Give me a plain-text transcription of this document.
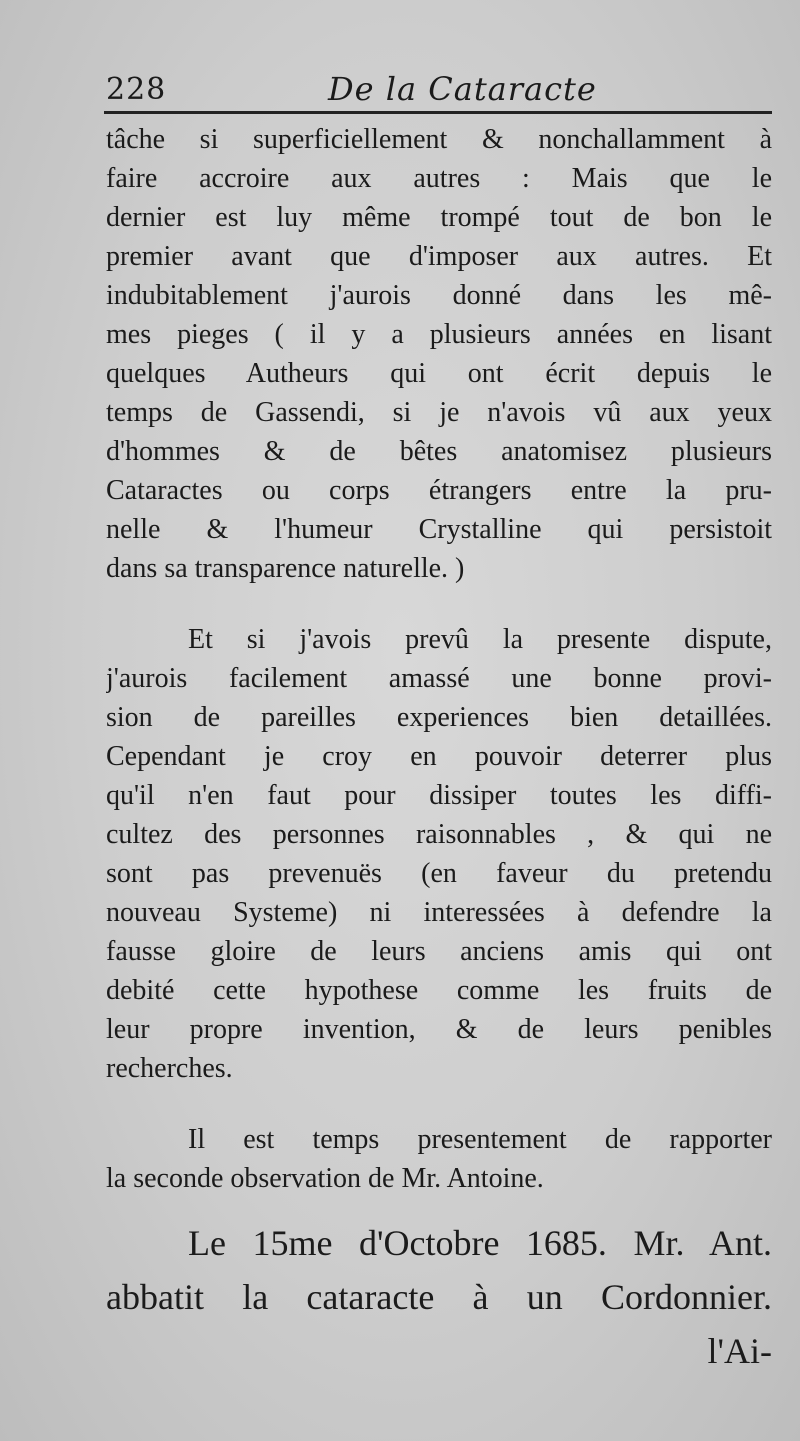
228	De la Cataracte
tâche si superficiellement & nonchallamment à
faire accroire aux autres : Mais que le
dernier est luy même trompé tout de bon le
premier avant que d'imposer aux autres. Et
indubitablement j'aurois donné dans les mê-
mes pieges ( il y a plusieurs années en lisant
quelques Autheurs qui ont écrit depuis le
temps de Gassendi, si je n'avois vû aux yeux
d'hommes & de bêtes anatomisez plusieurs
Cataractes ou corps étrangers entre la pru-
nelle & l'humeur Crystalline qui persistoit
dans sa transparence naturelle. )
Et si j'avois prevû la presente dispute,
j'aurois facilement amassé une bonne provi-
sion de pareilles experiences bien detaillées.
Cependant je croy en pouvoir deterrer plus
qu'il n'en faut pour dissiper toutes les diffi-
cultez des personnes raisonnables , & qui ne
sont pas prevenuës (en faveur du pretendu
nouveau Systeme) ni interessées à defendre la
fausse gloire de leurs anciens amis qui ont
debité cette hypothese comme les fruits de
leur propre invention, & de leurs penibles
recherches.
Il est temps presentement de rapporter
la seconde observation de Mr. Antoine.
Le 15me d'Octobre 1685. Mr. Ant.
abbatit la cataracte à un Cordonnier.
l'Ai-
